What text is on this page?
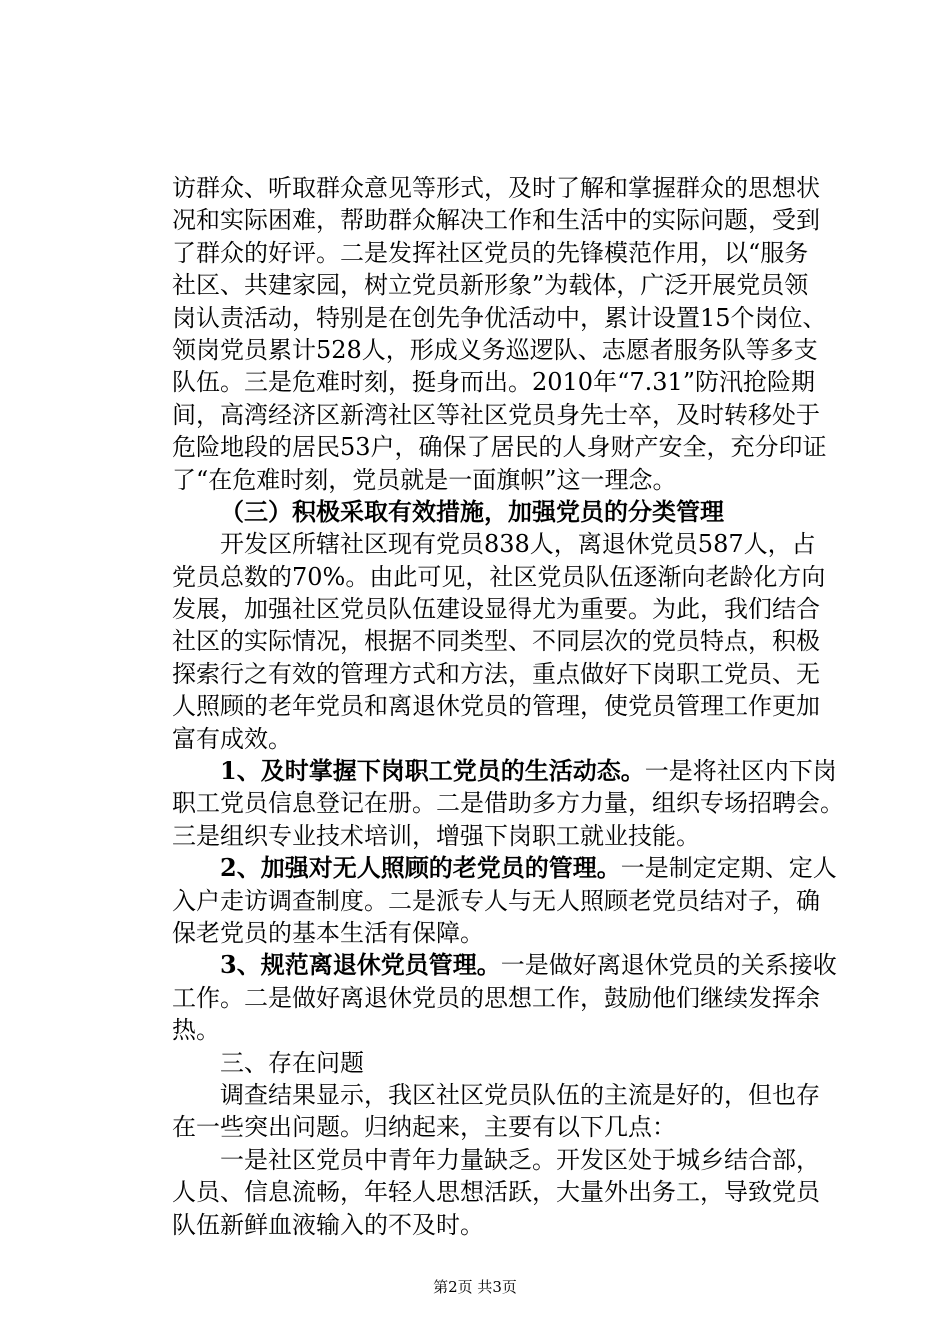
访群众、听取群众意见等形式，及时了解和掌握群众的思想状
况和实际困难，帮助群众解决工作和生活中的实际问题，受到
了群众的好评。二是发挥社区党员的先锋模范作用，以“服务
社区、共建家园，树立党员新形象”为载体，广泛开展党员领
岗认责活动，特别是在创先争优活动中，累计设置15个岗位、
领岗党员累计528人，形成义务巡逻队、志愿者服务队等多支
队伍。三是危难时刻，挺身而出。2010年“7.31”防汛抢险期
间，高湾经济区新湾社区等社区党员身先士卒，及时转移处于
危险地段的居民53户，确保了居民的人身财产安全，充分印证
了“在危难时刻，党员就是一面旗帜”这一理念。
（三）积极采取有效措施，加强党员的分类管理
开发区所辖社区现有党员838人，离退休党员587人，占
党员总数的70%。由此可见，社区党员队伍逐渐向老龄化方向
发展，加强社区党员队伍建设显得尤为重要。为此，我们结合
社区的实际情况，根据不同类型、不同层次的党员特点，积极
探索行之有效的管理方式和方法，重点做好下岗职工党员、无
人照顾的老年党员和离退休党员的管理，使党员管理工作更加
富有成效。
1、及时掌握下岗职工党员的生活动态。一是将社区内下岗
职工党员信息登记在册。二是借助多方力量，组织专场招聘会。
三是组织专业技术培训，增强下岗职工就业技能。
2、加强对无人照顾的老党员的管理。一是制定定期、定人
入户走访调查制度。二是派专人与无人照顾老党员结对子，确
保老党员的基本生活有保障。
3、规范离退休党员管理。一是做好离退休党员的关系接收
工作。二是做好离退休党员的思想工作，鼓励他们继续发挥余
热。
三、存在问题
调查结果显示，我区社区党员队伍的主流是好的，但也存
在一些突出问题。归纳起来，主要有以下几点：
一是社区党员中青年力量缺乏。开发区处于城乡结合部，
人员、信息流畅，年轻人思想活跃，大量外出务工，导致党员
队伍新鲜血液输入的不及时。
第2页 共3页
